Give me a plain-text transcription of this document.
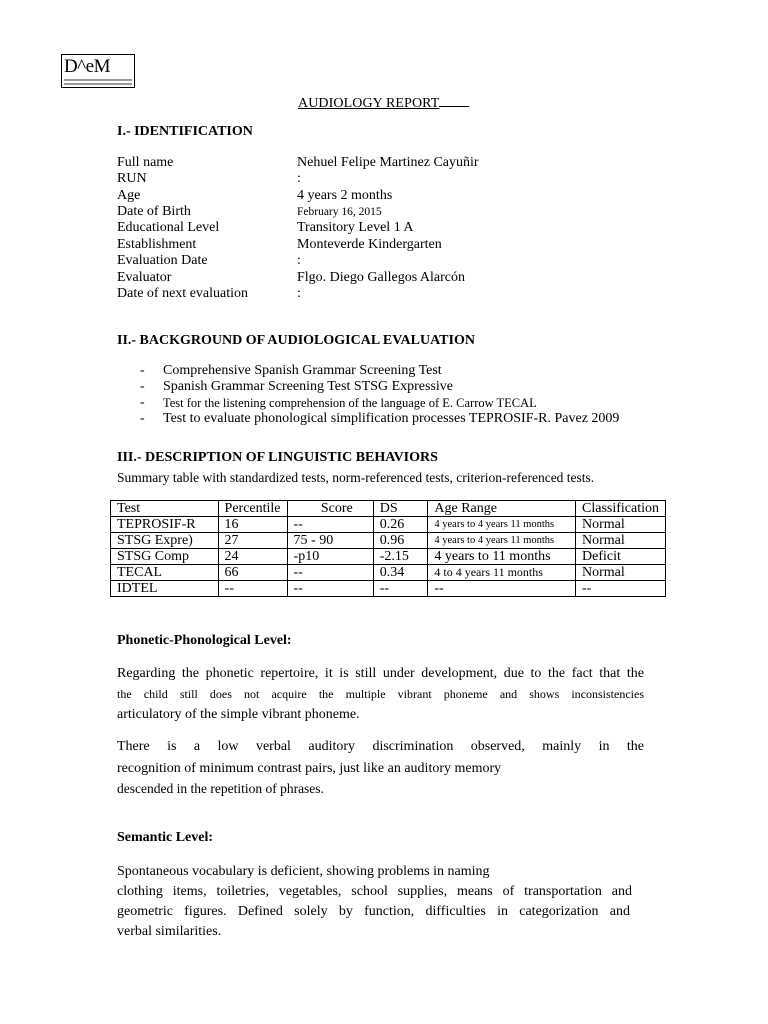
D^eM
AUDIOLOGY REPORT
I.- IDENTIFICATION
Full name	Nehuel Felipe Martinez Cayuñir
RUN	:
Age	4 years 2 months
Date of Birth	February 16, 2015
Educational Level	Transitory Level 1 A
Establishment	Monteverde Kindergarten
Evaluation Date	:
Evaluator	Flgo. Diego Gallegos Alarcón
Date of next evaluation	:
II.- BACKGROUND OF AUDIOLOGICAL EVALUATION
- Comprehensive Spanish Grammar Screening Test
- Spanish Grammar Screening Test STSG Expressive
- Test for the listening comprehension of the language of E. Carrow TECAL
- Test to evaluate phonological simplification processes TEPROSIF-R. Pavez 2009
III.- DESCRIPTION OF LINGUISTIC BEHAVIORS
Summary table with standardized tests, norm-referenced tests, criterion-referenced tests.
Test	Percentile	Score	DS	Age Range	Classification
TEPROSIF-R	16	--	0.26	4 years to 4 years 11 months	Normal
STSG Expre)	27	75 - 90	0.96	4 years to 4 years 11 months	Normal
STSG Comp	24	-p10	-2.15	4 years to 11 months	Deficit
TECAL	66	--	0.34	4 to 4 years 11 months	Normal
IDTEL	--	--	--	--	--
Phonetic-Phonological Level:
Regarding the phonetic repertoire, it is still under development, due to the fact that the
the child still does not acquire the multiple vibrant phoneme and shows inconsistencies
articulatory of the simple vibrant phoneme.
There is a low verbal auditory discrimination observed, mainly in the
recognition of minimum contrast pairs, just like an auditory memory
descended in the repetition of phrases.
Semantic Level:
Spontaneous vocabulary is deficient, showing problems in naming
clothing items, toiletries, vegetables, school supplies, means of transportation and
geometric figures. Defined solely by function, difficulties in categorization and
verbal similarities.
